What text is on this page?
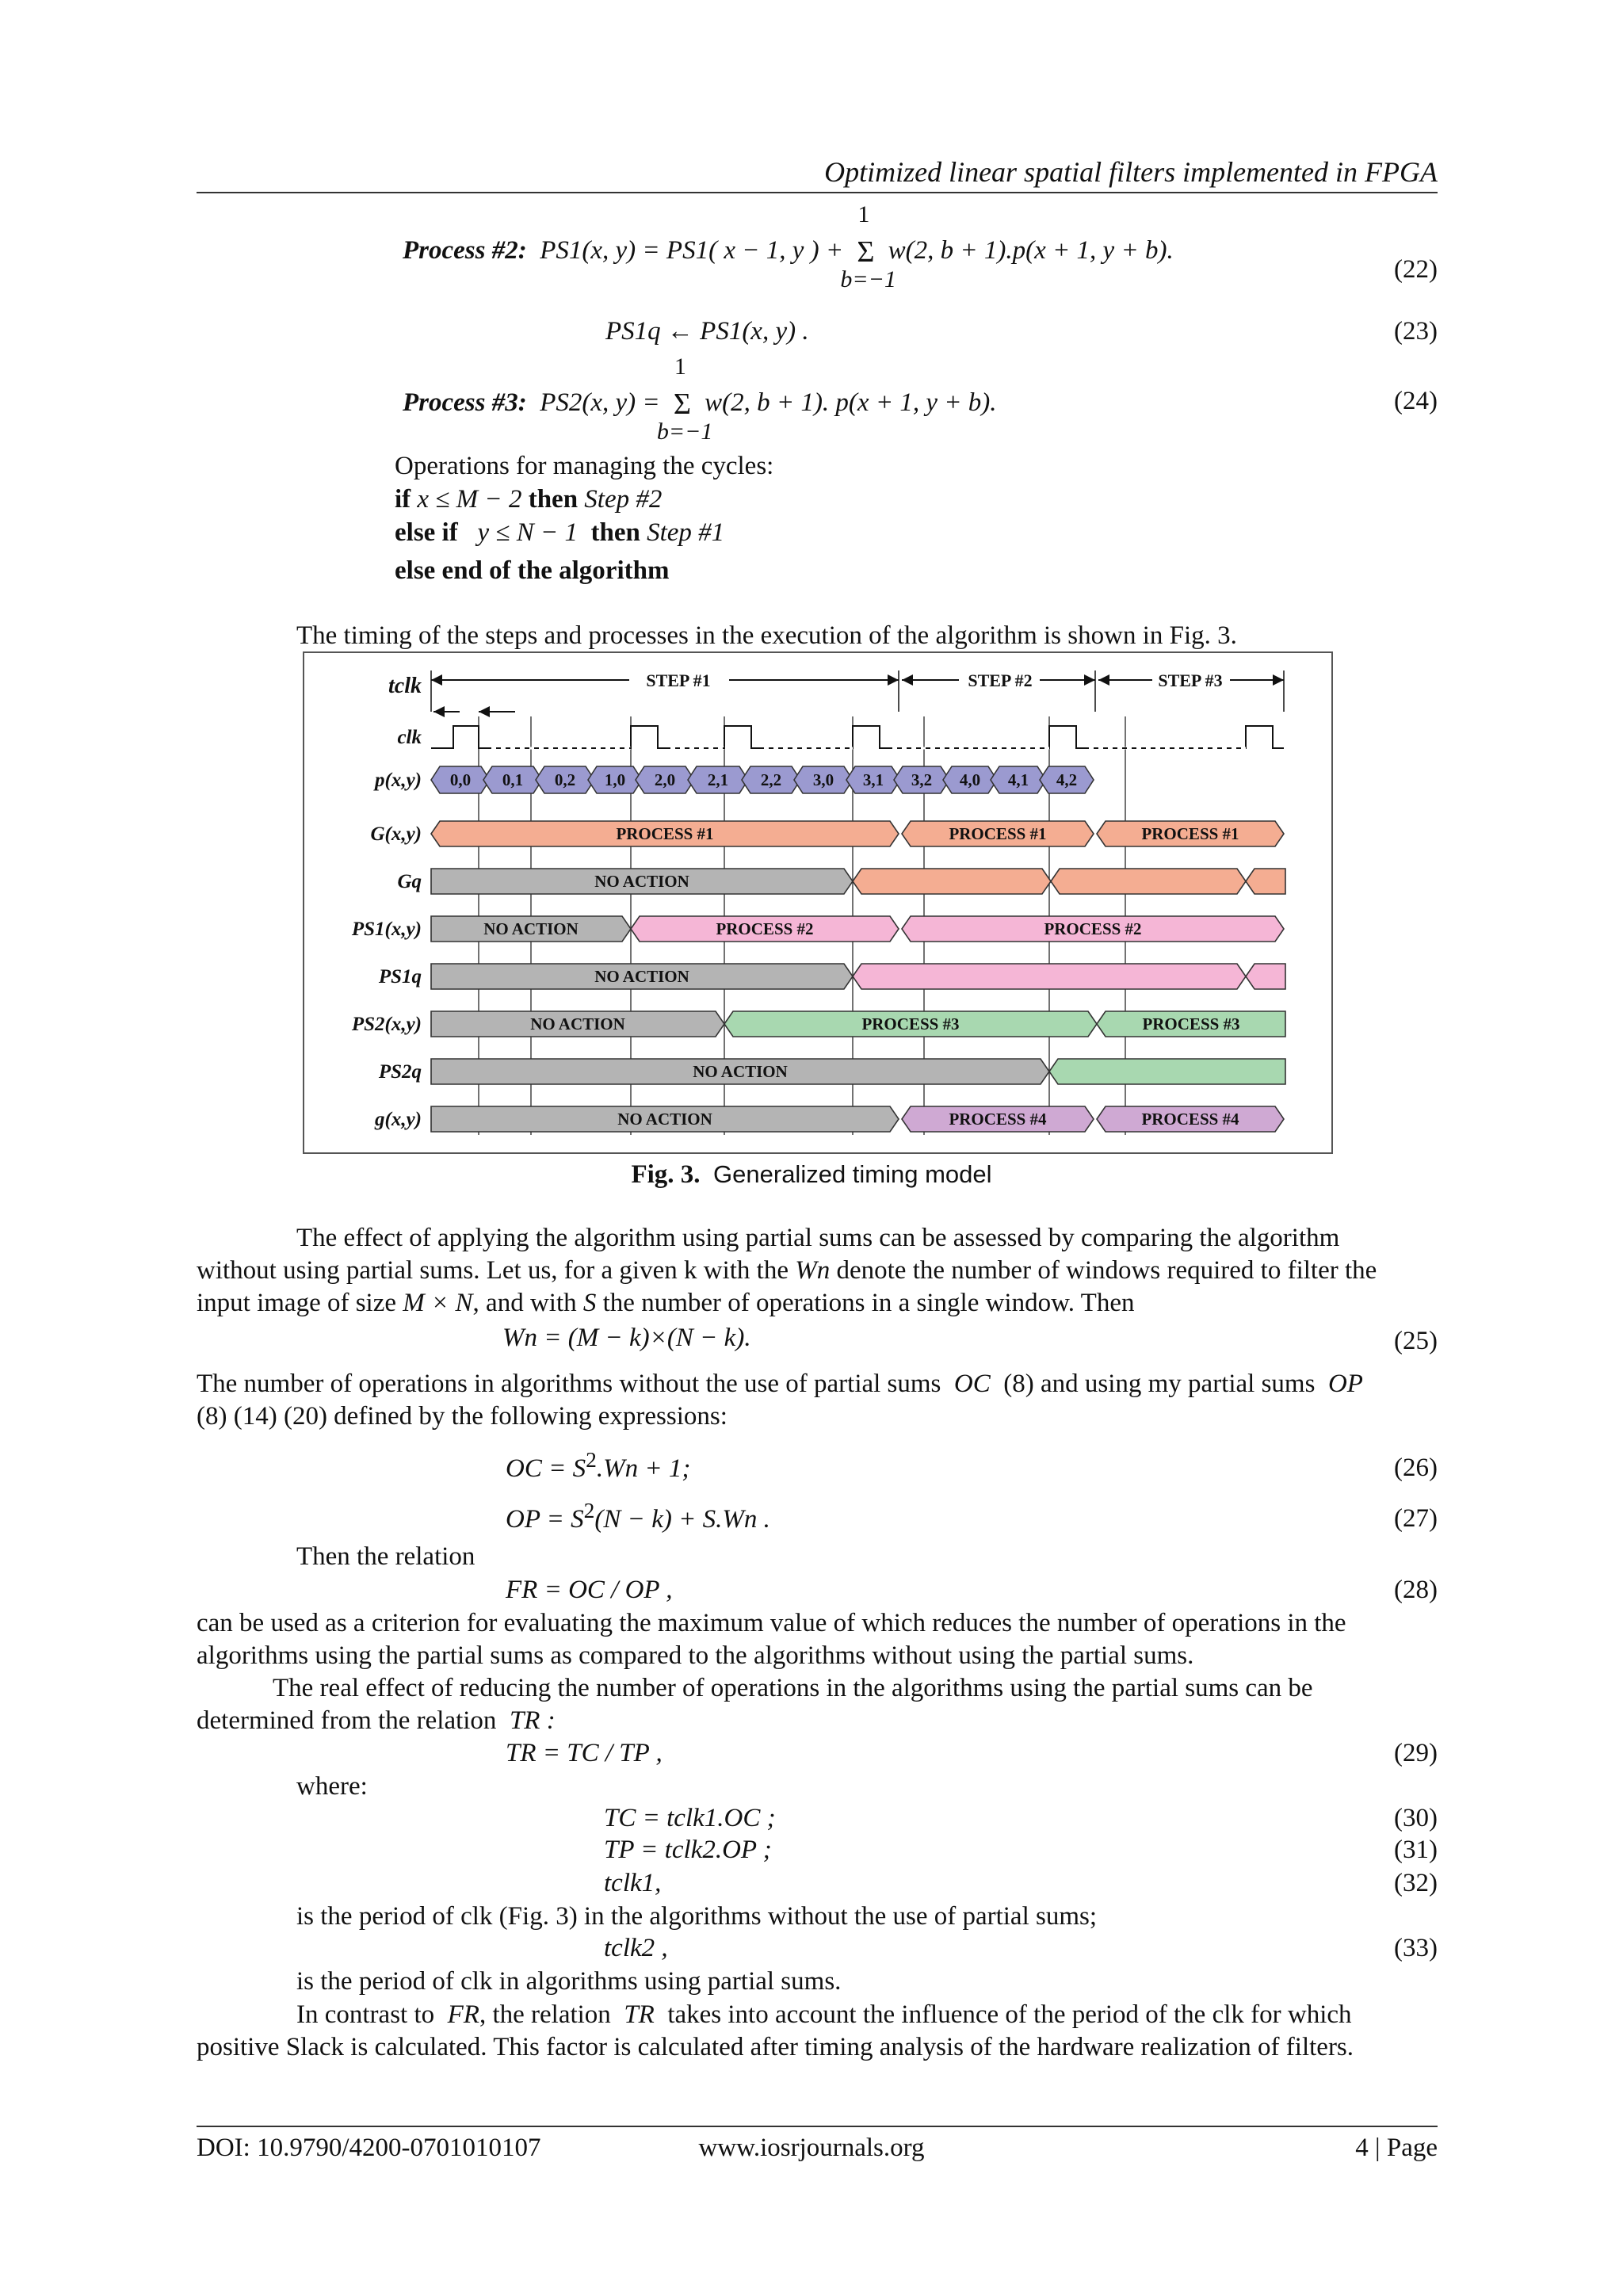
Optimized linear spatial filters implemented in FPGA
Process #2: PS1(x, y) = PS1( x − 1, y ) +
1
Σ
b=−1
w(2, b + 1).p(x + 1, y + b).
(22)
PS1q ← PS1(x, y) .	(23)
Process #3: PS2(x, y) =
1
Σ
b=−1
w(2, b + 1). p(x + 1, y + b).	(24)
Operations for managing the cycles:
if x ≤ M − 2 then Step #2
else if y ≤ N − 1 then Step #1
else end of the algorithm
The timing of the steps and processes in the execution of the algorithm is shown in Fig. 3.
tclk
clk
p(x,y)
G(x,y)
Gq
PS1(x,y)
PS1q
PS2(x,y)
PS2q
g(x,y)
STEP #1	STEP #2	STEP #3
0,0 0,1 0,2 1,0 2,0 2,1 2,2 3,0 3,1 3,2 4,0 4,1 4,2
PROCESS #1	PROCESS #1	PROCESS #1
NO ACTION
NO ACTION	PROCESS #2	PROCESS #2
NO ACTION
NO ACTION	PROCESS #3	PROCESS #3
NO ACTION
NO ACTION	PROCESS #4	PROCESS #4
Fig. 3. Generalized timing model
The effect of applying the algorithm using partial sums can be assessed by comparing the algorithm
without using partial sums. Let us, for a given k with the Wn denote the number of windows required to filter the
input image of size M × N, and with S the number of operations in a single window. Then
Wn = (M − k)×(N − k).	(25)
The number of operations in algorithms without the use of partial sums OC (8) and using my partial sums OP
(8) (14) (20) defined by the following expressions:
OC = $S^2.Wn + 1$;	(26)
OP = $S^2(N - k) + S.Wn$ .	(27)
Then the relation
FR = OC / OP ,	(28)
can be used as a criterion for evaluating the maximum value of which reduces the number of operations in the
algorithms using the partial sums as compared to the algorithms without using the partial sums.
The real effect of reducing the number of operations in the algorithms using the partial sums can be
determined from the relation TR :
TR = TC / TP ,	(29)
where:
TC = tclk1.OC ;	(30)
TP = tclk2.OP ;	(31)
tclk1,	(32)
is the period of clk (Fig. 3) in the algorithms without the use of partial sums;
tclk2 ,	(33)
is the period of clk in algorithms using partial sums.
In contrast to FR, the relation TR takes into account the influence of the period of the clk for which
positive Slack is calculated. This factor is calculated after timing analysis of the hardware realization of filters.
DOI: 10.9790/4200-0701010107	www.iosrjournals.org	4 | Page
